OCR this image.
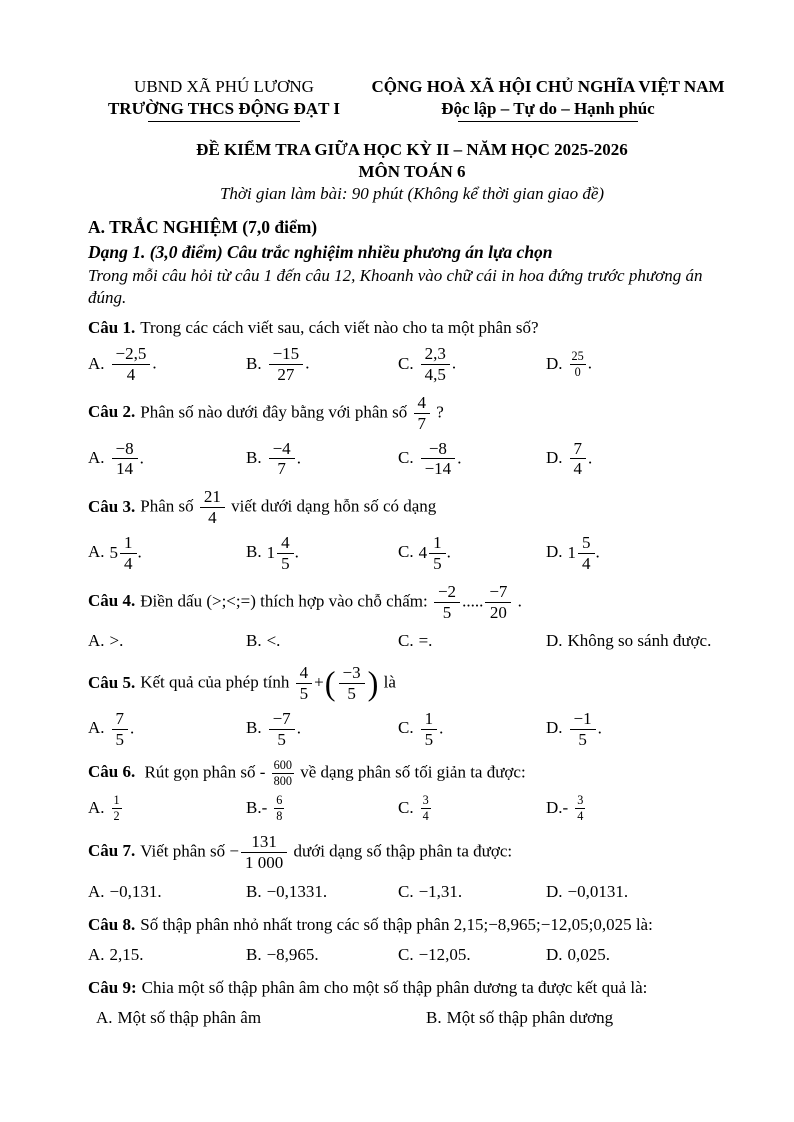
UBND XÃ PHÚ LƯƠNG
TRƯỜNG THCS ĐỘNG ĐẠT I
CỘNG HOÀ XÃ HỘI CHỦ NGHĨA VIỆT NAM
Độc lập – Tự do – Hạnh phúc
ĐỀ KIỂM TRA GIỮA HỌC KỲ II – NĂM HỌC 2025-2026
MÔN TOÁN 6
Thời gian làm bài: 90 phút (Không kể thời gian giao đề)
A. TRẮC NGHIỆM (7,0 điểm)
Dạng 1. (3,0 điểm) Câu trắc nghiệim nhiều phương án lựa chọn
Trong mỗi câu hỏi từ câu 1 đến câu 12, Khoanh vào chữ cái in hoa đứng trước phương án đúng.
Câu 1. Trong các cách viết sau, cách viết nào cho ta một phân số?
A. $\frac{-2,5}{4}$ .	B. $\frac{-15}{27}$ .	C. $\frac{2,3}{4,5}$ .	D. $\frac{25}{0}$ .
Câu 2. Phân số nào dưới đây bằng với phân số $\frac{4}{7}$ ?
A. $\frac{-8}{14}$ .	B. $\frac{-4}{7}$ .	C. $\frac{-8}{-14}$ .	D. $\frac{7}{4}$ .
Câu 3. Phân số $\frac{21}{4}$ viết dưới dạng hỗn số có dạng
A. $5 \frac{1}{4}$ .	B. $1 \frac{4}{5}$ .	C. $4 \frac{1}{5}$ .	D. $1 \frac{5}{4}$ .
Câu 4. Điền dấu (>;<;=) thích hợp vào chỗ chấm: $\frac{-2}{5}$ ..... $\frac{-7}{20}$ .
A. >.	B. <.	C. =.	D. Không so sánh được.
Câu 5. Kết quả của phép tính $\frac{4}{5}$ +( $\frac{-3}{5}$ ) là
A. $\frac{7}{5}$ .	B. $\frac{-7}{5}$ .	C. $\frac{1}{5}$ .	D. $\frac{-1}{5}$ .
Câu 6. Rút gọn phân số - $\frac{600}{800}$ về dạng phân số tối giản ta được:
A. $\frac{1}{2}$	$B.- \frac{6}{8}$	C. $\frac{3}{4}$	$D.- \frac{3}{4}$
Câu 7. Viết phân số − $\frac{131}{1 000}$ dưới dạng số thập phân ta được:
A. −0,131.	B. −0,1331.	C. −1,31.	D. −0,0131.
Câu 8. Số thập phân nhỏ nhất trong các số thập phân 2,15;−8,965;−12,05;0,025 là:
A. 2,15.	B. −8,965.	C. −12,05.	D. 0,025.
Câu 9: Chia một số thập phân âm cho một số thập phân dương ta được kết quả là:
A. Một số thập phân âm	B. Một số thập phân dương
